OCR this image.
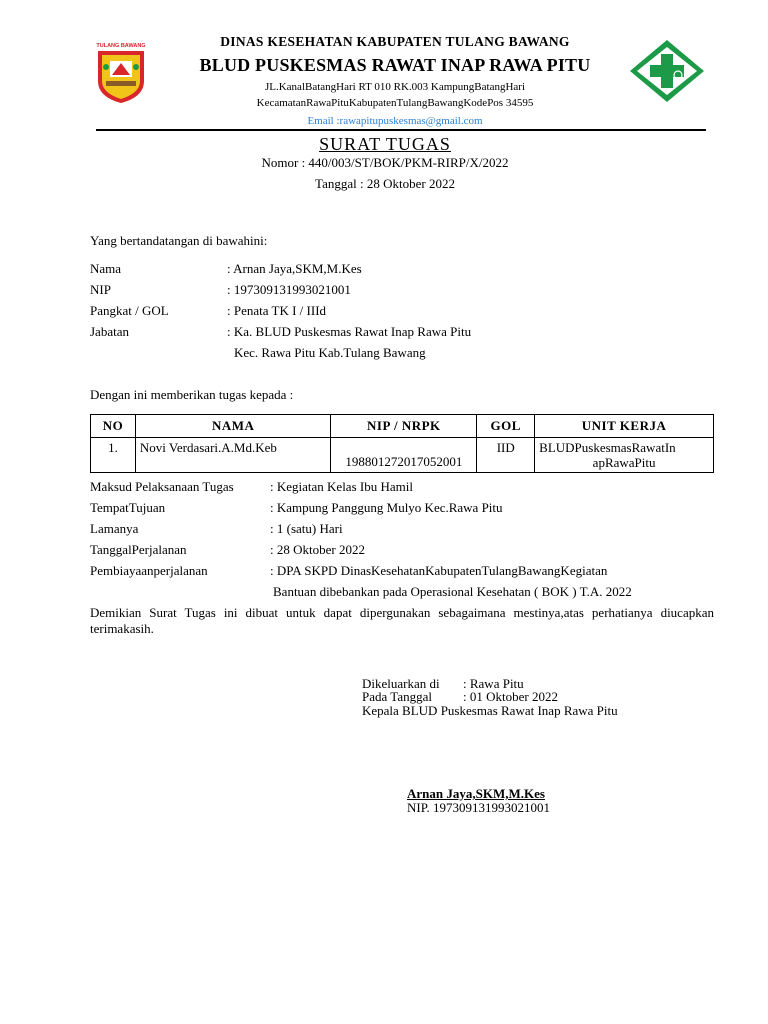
TULANG BAWANG	DINAS KESEHATAN KABUPATEN TULANG BAWANG
BLUD PUSKESMAS RAWAT INAP RAWA PITU
JL.KanalBatangHari RT 010 RK.003 KampungBatangHari
KecamatanRawaPituKabupatenTulangBawangKodePos 34595
Email :rawapitupuskesmas@gmail.com
SURAT TUGAS
Nomor : 440/003/ST/BOK/PKM-RIRP/X/2022
Tanggal : 28 Oktober 2022
Yang bertandatangan di bawahini:
Nama	: Arnan Jaya,SKM,M.Kes
NIP	: 197309131993021001
Pangkat / GOL	: Penata TK I / IIId
Jabatan	: Ka. BLUD Puskesmas Rawat Inap Rawa Pitu
Kec. Rawa Pitu Kab.Tulang Bawang
Dengan ini memberikan tugas kepada :
NO	NAMA	NIP / NRPK	GOL	UNIT KERJA
1.	Novi Verdasari.A.Md.Keb	198801272017052001	IID	BLUDPuskesmasRawatIn
apRawaPitu
Maksud Pelaksanaan Tugas	: Kegiatan Kelas Ibu Hamil
TempatTujuan	: Kampung Panggung Mulyo Kec.Rawa Pitu
Lamanya	: 1 (satu) Hari
TanggalPerjalanan	: 28 Oktober 2022
Pembiayaanperjalanan	: DPA SKPD DinasKesehatanKabupatenTulangBawangKegiatan
Bantuan dibebankan pada Operasional Kesehatan ( BOK ) T.A. 2022
Demikian Surat Tugas ini dibuat untuk dapat dipergunakan sebagaimana mestinya,atas perhatianya diucapkan terimakasih.
Dikeluarkan di : Rawa Pitu
Pada Tanggal : 01 Oktober 2022
Kepala BLUD Puskesmas Rawat Inap Rawa Pitu
Arnan Jaya,SKM,M.Kes
NIP. 197309131993021001
